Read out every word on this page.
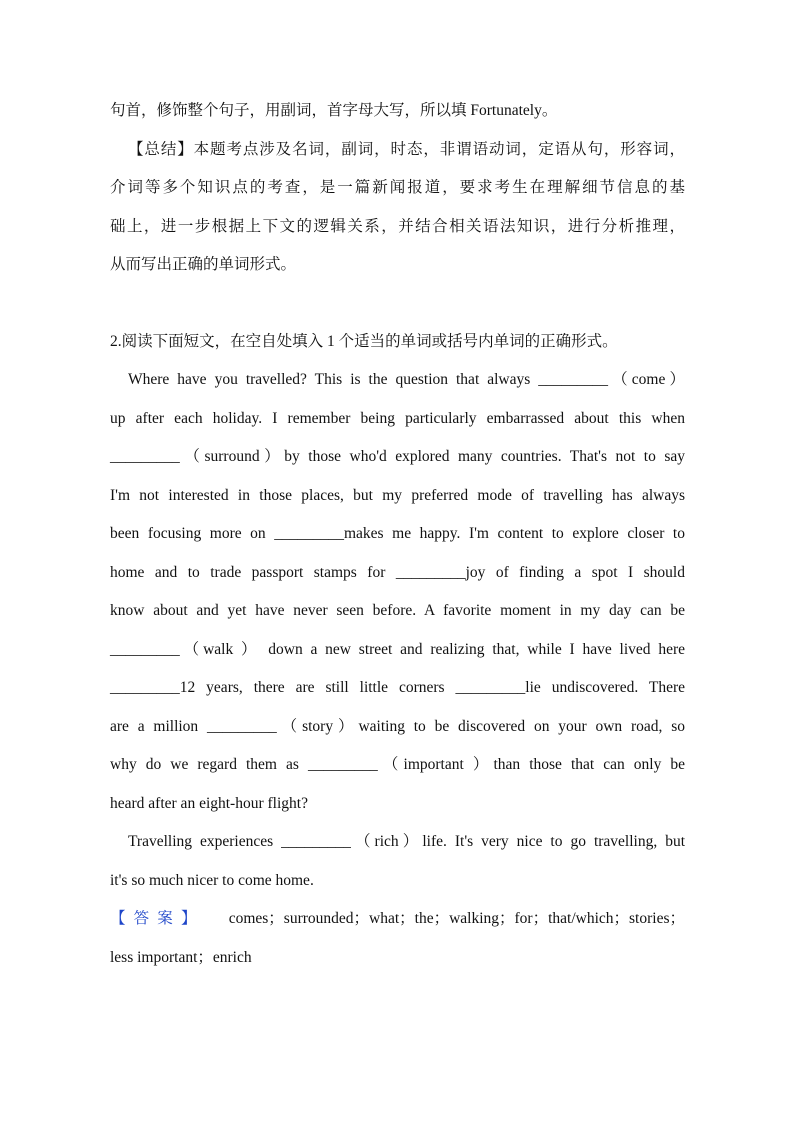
句首，修饰整个句子，用副词，首字母大写，所以填 Fortunately。
【总结】本题考点涉及名词，副词，时态，非谓语动词，定语从句，形容词，
介词等多个知识点的考查，是一篇新闻报道，要求考生在理解细节信息的基
础上，进一步根据上下文的逻辑关系，并结合相关语法知识，进行分析推理，
从而写出正确的单词形式。
2.阅读下面短文，在空自处填入 1 个适当的单词或括号内单词的正确形式。
Where have you travelled? This is the question that always _________（come）
up after each holiday. I remember being particularly embarrassed about this when
_________（surround）by those who'd explored many countries. That's not to say
I'm not interested in those places, but my preferred mode of travelling has always
been focusing more on _________makes me happy. I'm content to explore closer to
home and to trade passport stamps for _________joy of finding a spot I should
know about and yet have never seen before. A favorite moment in my day can be
_________（walk ） down a new street and realizing that, while I have lived here
_________12 years, there are still little corners _________lie undiscovered. There
are a million _________（story）waiting to be discovered on your own road, so
why do we regard them as _________（important ）than those that can only be
heard after an eight-hour flight?
Travelling experiences _________（rich）life. It's very nice to go travelling, but
it's so much nicer to come home.
【答案】 comes；surrounded；what；the；walking；for；that/which；stories；
less important；enrich
